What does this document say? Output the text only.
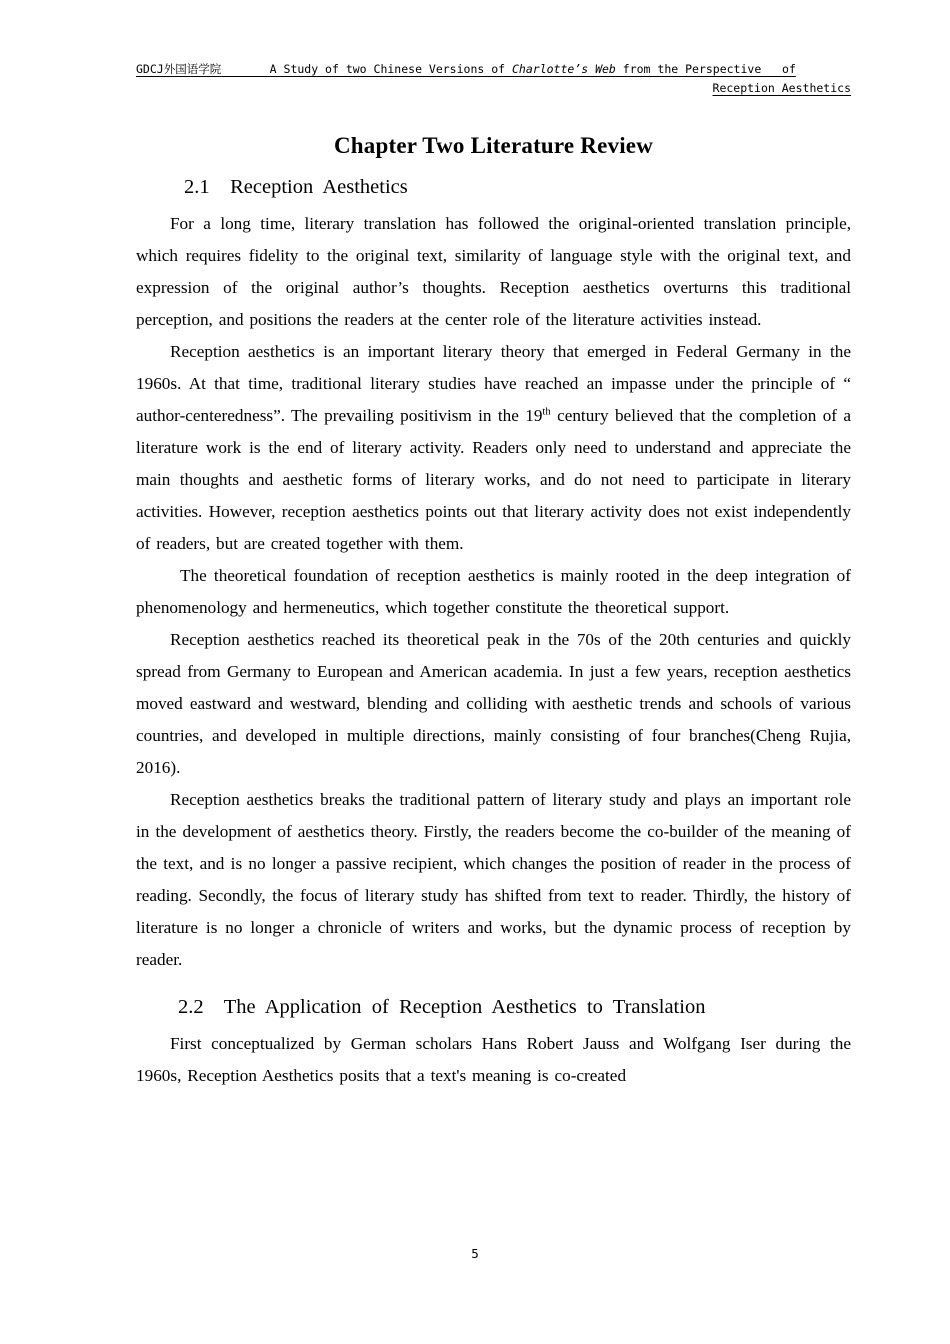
GDCJ外国语学院	A Study of two Chinese Versions of Charlotte’s Web from the Perspective   of
Reception Aesthetics
Chapter Two Literature Review
2.1    Reception  Aesthetics

For a long time, literary translation has followed the original-oriented translation principle, which requires fidelity to the original text, similarity of language style with the original text, and expression of the original author’s thoughts. Reception aesthetics overturns this traditional perception, and positions the readers at the center role of the literature activities instead.

Reception aesthetics is an important literary theory that emerged in Federal Germany in the 1960s. At that time, traditional literary studies have reached an impasse under the principle of “ author-centeredness”. The prevailing positivism in the 19th century believed that the completion of a literature work is the end of literary activity. Readers only need to understand and appreciate the main thoughts and aesthetic forms of literary works, and do not need to participate in literary activities. However, reception aesthetics points out that literary activity does not exist independently of readers, but are created together with them.

The theoretical foundation of reception aesthetics is mainly rooted in the deep integration of phenomenology and hermeneutics, which together constitute the theoretical support.

Reception aesthetics reached its theoretical peak in the 70s of the 20th centuries and quickly spread from Germany to European and American academia. In just a few years, reception aesthetics moved eastward and westward, blending and colliding with aesthetic trends and schools of various countries, and developed in multiple directions, mainly consisting of four branches(Cheng Rujia, 2016).

Reception aesthetics breaks the traditional pattern of literary study and plays an important role in the development of aesthetics theory. Firstly, the readers become the co-builder of the meaning of the text, and is no longer a passive recipient, which changes the position of reader in the process of reading. Secondly, the focus of literary study has shifted from text to reader. Thirdly, the history of literature is no longer a chronicle of writers and works, but the dynamic process of reception by reader.

2.2    The  Application  of  Reception  Aesthetics  to  Translation

First conceptualized by German scholars Hans Robert Jauss and Wolfgang Iser during the 1960s, Reception Aesthetics posits that a text's meaning is co-created

5
